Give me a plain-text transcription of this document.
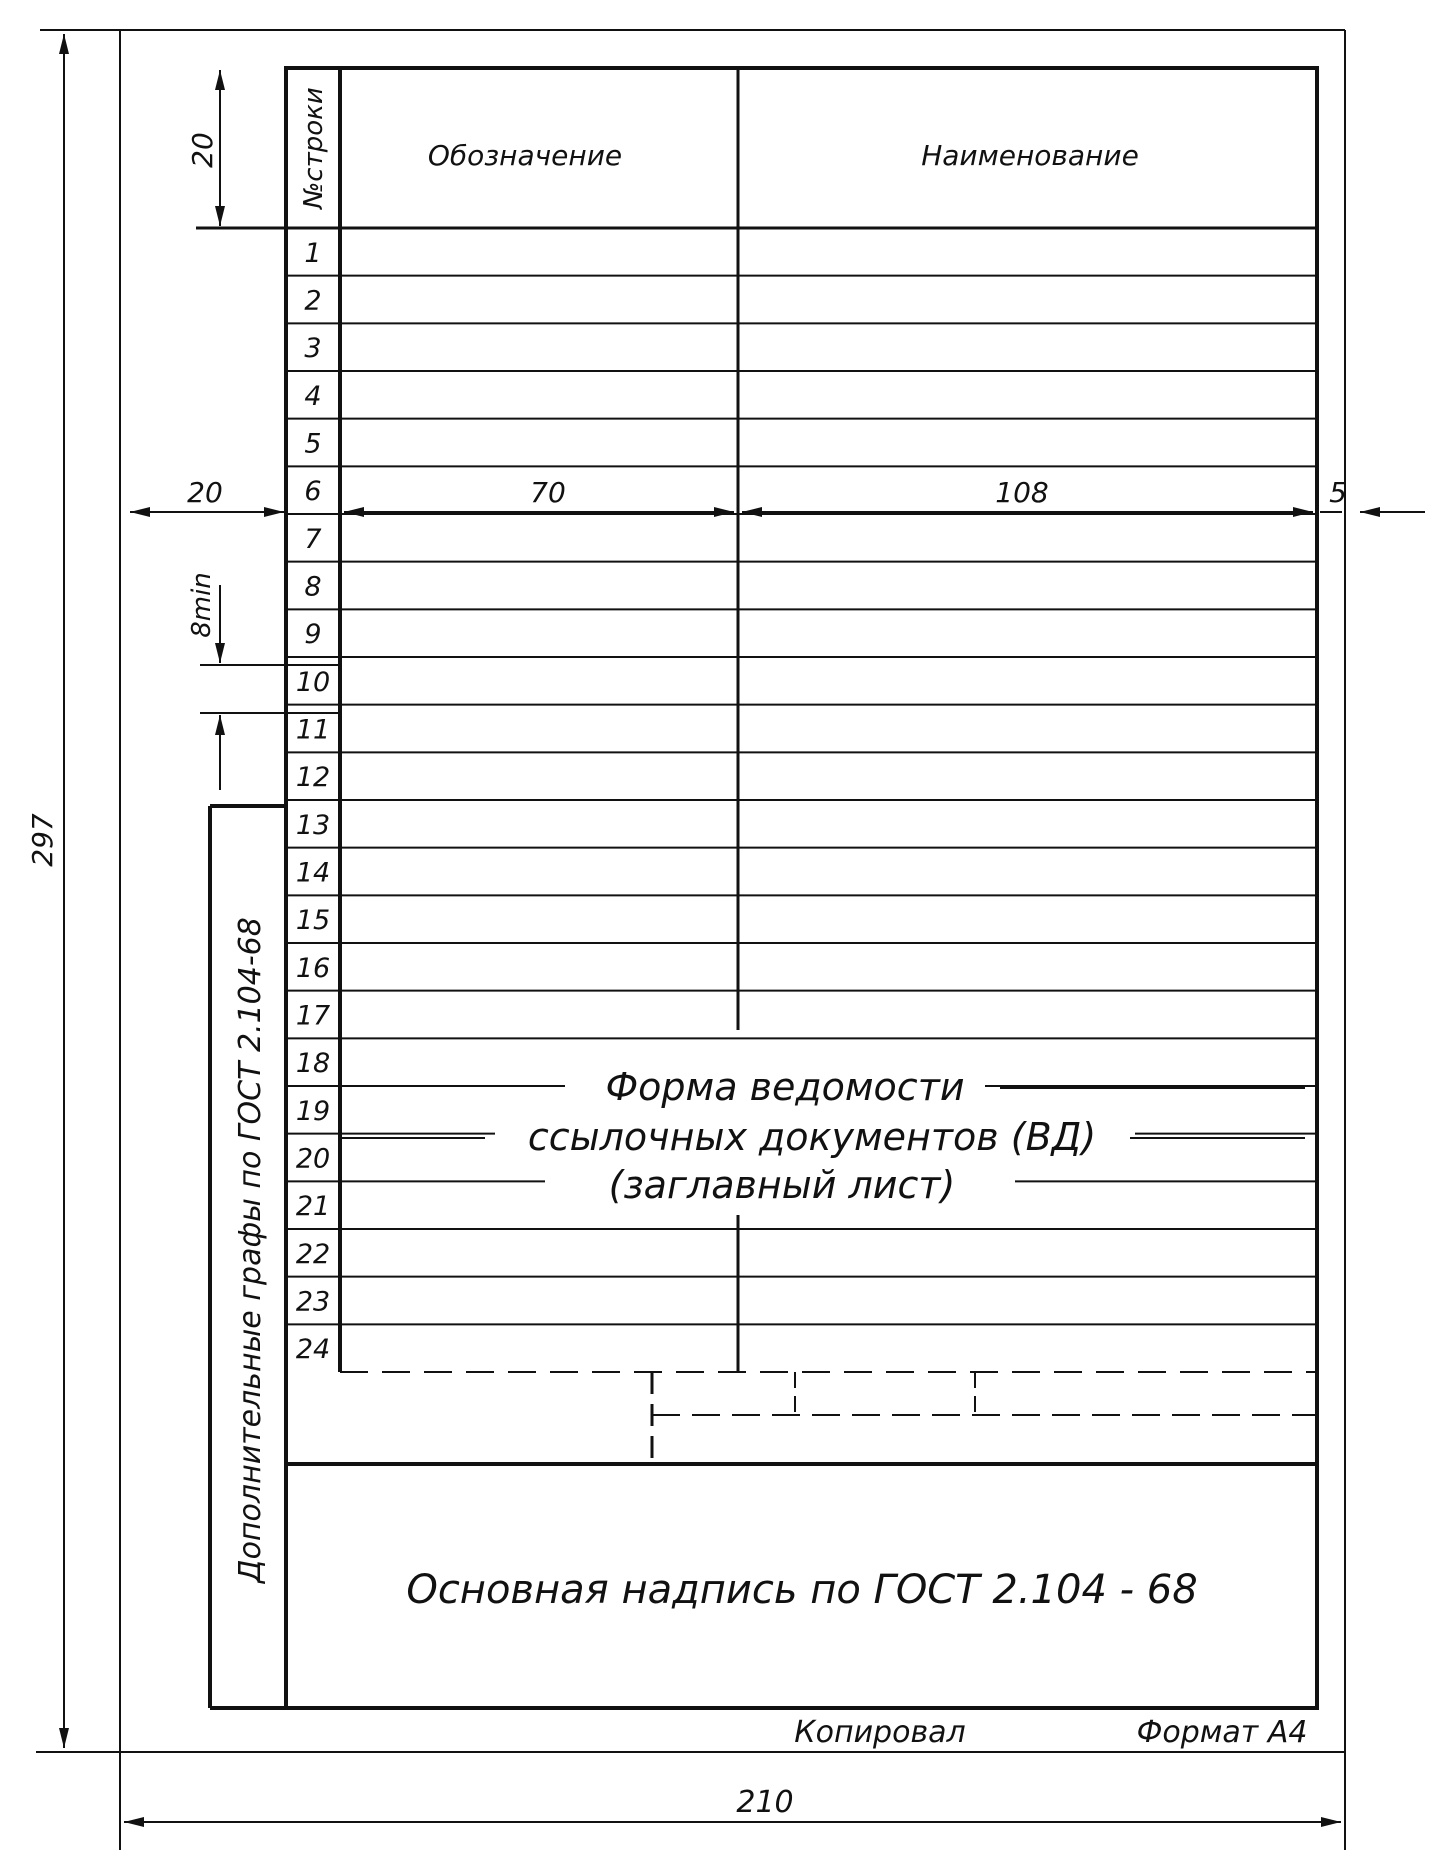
№строки	Обозначение	Наименование
1
2
3
4
5
6
7
8
9
10
11
12
13
14
15
16
17
18
19
20
21
22
23
24
20
20	70	108	5
8min
297
210
Форма ведомости
ссылочных документов (ВД)
(заглавный лист)
Дополнительные графы по ГОСТ 2.104-68
Основная надпись по ГОСТ 2.104 - 68
Копировал	Формат А4
